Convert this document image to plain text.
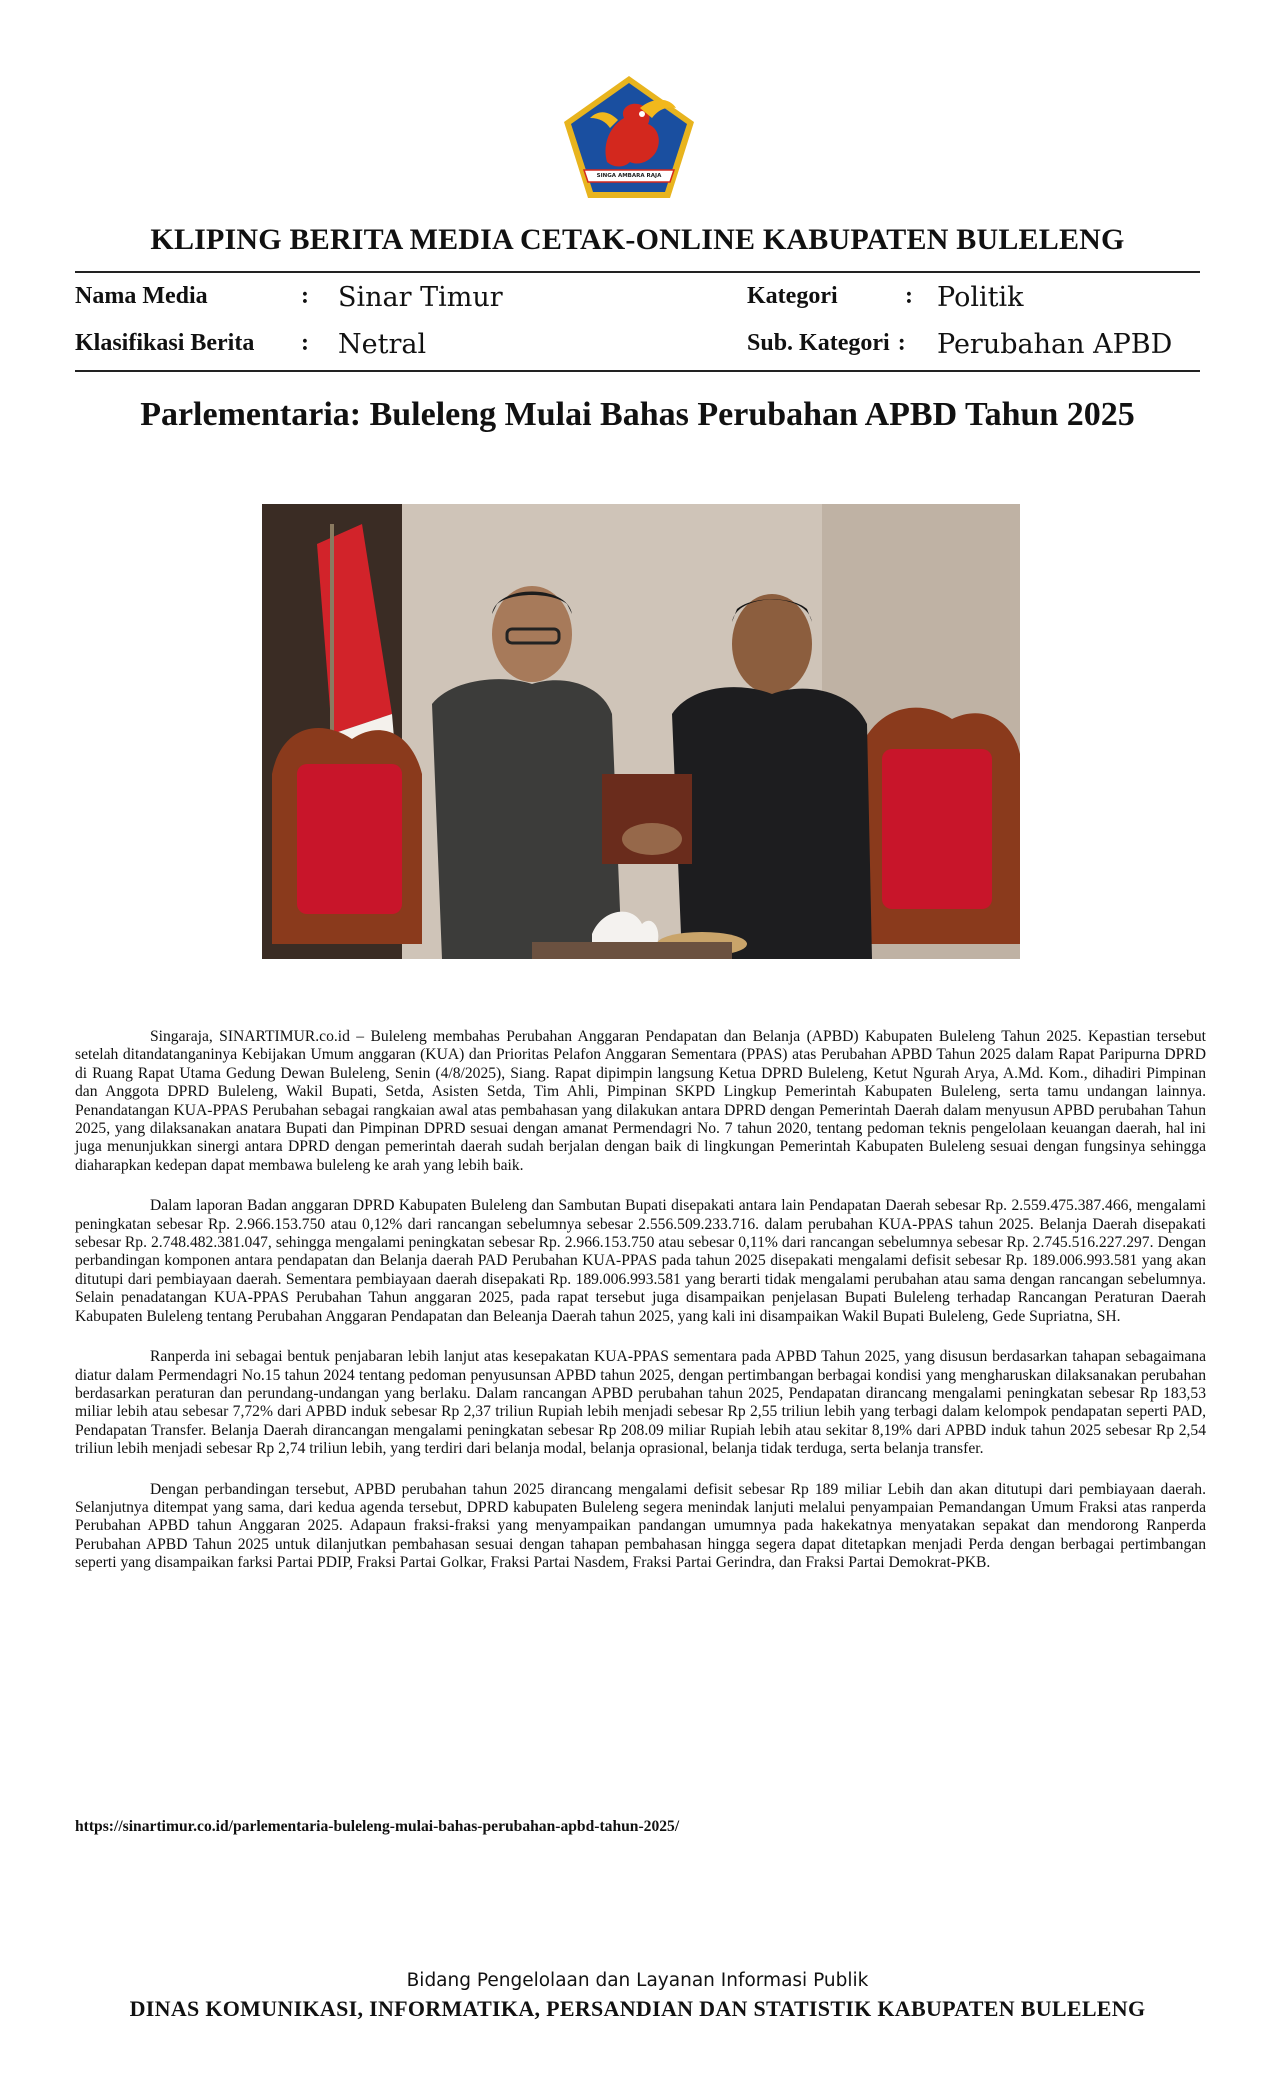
SINGA AMBARA RAJA
KLIPING BERITA MEDIA CETAK-ONLINE KABUPATEN BULELENG
Nama Media	: Sinar Timur	Kategori	: Politik
Klasifikasi Berita : Netral	Sub. Kategori : Perubahan APBD
Parlementaria: Buleleng Mulai Bahas Perubahan APBD Tahun 2025

Singaraja, SINARTIMUR.co.id – Buleleng membahas Perubahan Anggaran Pendapatan dan Belanja (APBD) Kabupaten Buleleng Tahun 2025. Kepastian tersebut setelah ditandatanganinya Kebijakan Umum anggaran (KUA) dan Prioritas Pelafon Anggaran Sementara (PPAS) atas Perubahan APBD Tahun 2025 dalam Rapat Paripurna DPRD di Ruang Rapat Utama Gedung Dewan Buleleng, Senin (4/8/2025), Siang. Rapat dipimpin langsung Ketua DPRD Buleleng, Ketut Ngurah Arya, A.Md. Kom., dihadiri Pimpinan dan Anggota DPRD Buleleng, Wakil Bupati, Setda, Asisten Setda, Tim Ahli, Pimpinan SKPD Lingkup Pemerintah Kabupaten Buleleng, serta tamu undangan lainnya. Penandatangan KUA-PPAS Perubahan sebagai rangkaian awal atas pembahasan yang dilakukan antara DPRD dengan Pemerintah Daerah dalam menyusun APBD perubahan Tahun 2025, yang dilaksanakan anatara Bupati dan Pimpinan DPRD sesuai dengan amanat Permendagri No. 7 tahun 2020, tentang pedoman teknis pengelolaan keuangan daerah, hal ini juga menunjukkan sinergi antara DPRD dengan pemerintah daerah sudah berjalan dengan baik di lingkungan Pemerintah Kabupaten Buleleng sesuai dengan fungsinya sehingga diaharapkan kedepan dapat membawa buleleng ke arah yang lebih baik.

Dalam laporan Badan anggaran DPRD Kabupaten Buleleng dan Sambutan Bupati disepakati antara lain Pendapatan Daerah sebesar Rp. 2.559.475.387.466, mengalami peningkatan sebesar Rp. 2.966.153.750 atau 0,12% dari rancangan sebelumnya sebesar 2.556.509.233.716. dalam perubahan KUA-PPAS tahun 2025. Belanja Daerah disepakati sebesar Rp. 2.748.482.381.047, sehingga mengalami peningkatan sebesar Rp. 2.966.153.750 atau sebesar 0,11% dari rancangan sebelumnya sebesar Rp. 2.745.516.227.297. Dengan perbandingan komponen antara pendapatan dan Belanja daerah PAD Perubahan KUA-PPAS pada tahun 2025 disepakati mengalami defisit sebesar Rp. 189.006.993.581 yang akan ditutupi dari pembiayaan daerah. Sementara pembiayaan daerah disepakati Rp. 189.006.993.581 yang berarti tidak mengalami perubahan atau sama dengan rancangan sebelumnya. Selain penadatangan KUA-PPAS Perubahan Tahun anggaran 2025, pada rapat tersebut juga disampaikan penjelasan Bupati Buleleng terhadap Rancangan Peraturan Daerah Kabupaten Buleleng tentang Perubahan Anggaran Pendapatan dan Beleanja Daerah tahun 2025, yang kali ini disampaikan Wakil Bupati Buleleng, Gede Supriatna, SH.

Ranperda ini sebagai bentuk penjabaran lebih lanjut atas kesepakatan KUA-PPAS sementara pada APBD Tahun 2025, yang disusun berdasarkan tahapan sebagaimana diatur dalam Permendagri No.15 tahun 2024 tentang pedoman penyusunsan APBD tahun 2025, dengan pertimbangan berbagai kondisi yang mengharuskan dilaksanakan perubahan berdasarkan peraturan dan perundang-undangan yang berlaku. Dalam rancangan APBD perubahan tahun 2025, Pendapatan dirancang mengalami peningkatan sebesar Rp 183,53 miliar lebih atau sebesar 7,72% dari APBD induk sebesar Rp 2,37 triliun Rupiah lebih menjadi sebesar Rp 2,55 triliun lebih yang terbagi dalam kelompok pendapatan seperti PAD, Pendapatan Transfer. Belanja Daerah dirancangan mengalami peningkatan sebesar Rp 208.09 miliar Rupiah lebih atau sekitar 8,19% dari APBD induk tahun 2025 sebesar Rp 2,54 triliun lebih menjadi sebesar Rp 2,74 triliun lebih, yang terdiri dari belanja modal, belanja oprasional, belanja tidak terduga, serta belanja transfer.

Dengan perbandingan tersebut, APBD perubahan tahun 2025 dirancang mengalami defisit sebesar Rp 189 miliar Lebih dan akan ditutupi dari pembiayaan daerah. Selanjutnya ditempat yang sama, dari kedua agenda tersebut, DPRD kabupaten Buleleng segera menindak lanjuti melalui penyampaian Pemandangan Umum Fraksi atas ranperda Perubahan APBD tahun Anggaran 2025. Adapaun fraksi-fraksi yang menyampaikan pandangan umumnya pada hakekatnya menyatakan sepakat dan mendorong Ranperda Perubahan APBD Tahun 2025 untuk dilanjutkan pembahasan sesuai dengan tahapan pembahasan hingga segera dapat ditetapkan menjadi Perda dengan berbagai pertimbangan seperti yang disampaikan farksi Partai PDIP, Fraksi Partai Golkar, Fraksi Partai Nasdem, Fraksi Partai Gerindra, dan Fraksi Partai Demokrat-PKB.

https://sinartimur.co.id/parlementaria-buleleng-mulai-bahas-perubahan-apbd-tahun-2025/
Bidang Pengelolaan dan Layanan Informasi Publik
DINAS KOMUNIKASI, INFORMATIKA, PERSANDIAN DAN STATISTIK KABUPATEN BULELENG
